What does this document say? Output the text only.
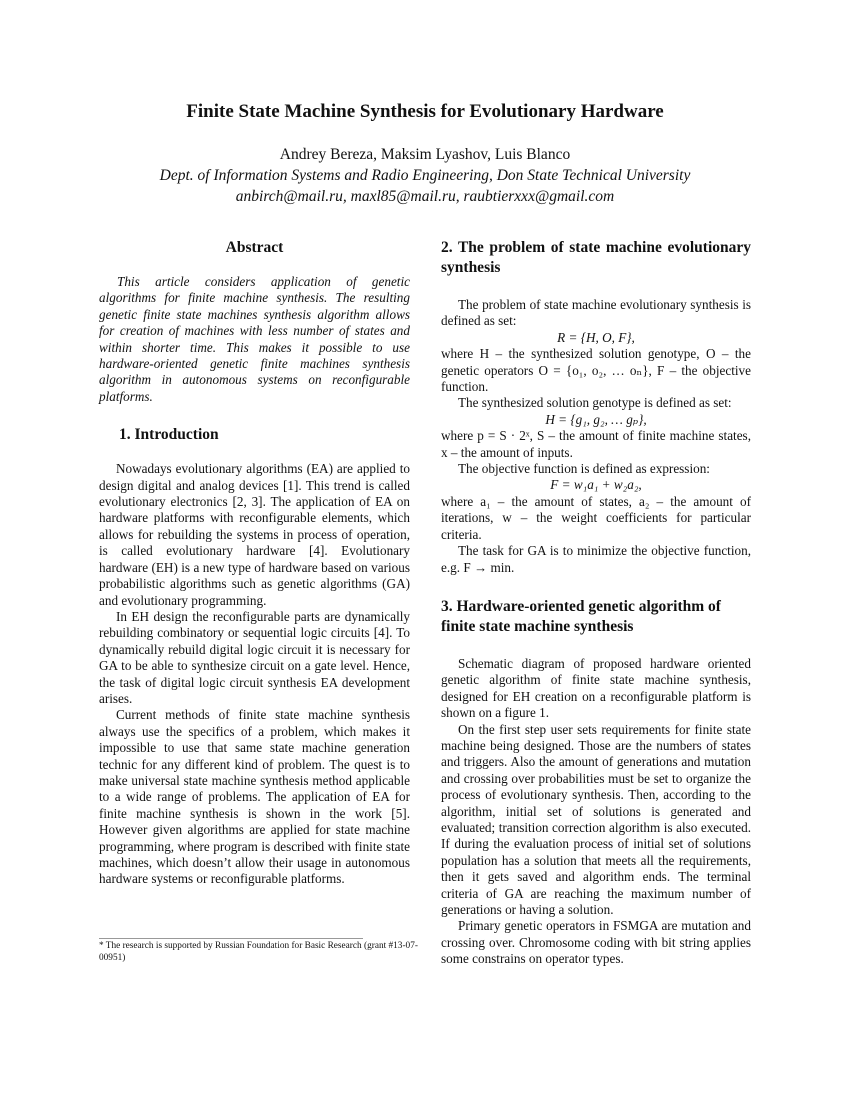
Finite State Machine Synthesis for Evolutionary Hardware
Andrey Bereza, Maksim Lyashov, Luis Blanco
Dept. of Information Systems and Radio Engineering, Don State Technical University
anbirch@mail.ru, maxl85@mail.ru, raubtierxxx@gmail.com
Abstract

This article considers application of genetic algorithms for finite machine synthesis. The resulting genetic finite state machines synthesis algorithm allows for creation of machines with less number of states and within shorter time. This makes it possible to use hardware-oriented genetic finite machines synthesis algorithm in autonomous systems on reconfigurable platforms.

1. Introduction

Nowadays evolutionary algorithms (EA) are applied to design digital and analog devices [1]. This trend is called evolutionary electronics [2, 3]. The application of EA on hardware platforms with reconfigurable elements, which allows for rebuilding the systems in process of operation, is called evolutionary hardware [4]. Evolutionary hardware (EH) is a new type of hardware based on various probabilistic algorithms such as genetic algorithms (GA) and evolutionary programming.

In EH design the reconfigurable parts are dynamically rebuilding combinatory or sequential logic circuits [4]. To dynamically rebuild digital logic circuit it is necessary for GA to be able to synthesize circuit on a gate level. Hence, the task of digital logic circuit synthesis EA development arises.

Current methods of finite state machine synthesis always use the specifics of a problem, which makes it impossible to use that same state machine generation technic for any different kind of problem. The quest is to make universal state machine synthesis method applicable to a wide range of problems. The application of EA for finite machine synthesis is shown in the work [5]. However given algorithms are applied for state machine programming, where program is described with finite state machines, which doesn’t allow their usage in autonomous hardware systems or reconfigurable platforms.

* The research is supported by Russian Foundation for Basic Research (grant #13-07-00951)
2. The problem of state machine evolutionary synthesis

The problem of state machine evolutionary synthesis is defined as set:

R = {H, O, F},

where H – the synthesized solution genotype, O – the genetic operators O = {o₁, o₂, … oₙ}, F – the objective function.

The synthesized solution genotype is defined as set:

H = {g₁, g₂, … gₚ},

where p = S · 2ˣ, S – the amount of finite machine states, x – the amount of inputs.

The objective function is defined as expression:

F = w₁a₁ + w₂a₂,

where a₁ – the amount of states, a₂ – the amount of iterations, w – the weight coefficients for particular criteria.

The task for GA is to minimize the objective function, e.g. F → min.

3. Hardware-oriented genetic algorithm of finite state machine synthesis

Schematic diagram of proposed hardware oriented genetic algorithm of finite state machine synthesis, designed for EH creation on a reconfigurable platform is shown on a figure 1.

On the first step user sets requirements for finite state machine being designed. Those are the numbers of states and triggers. Also the amount of generations and mutation and crossing over probabilities must be set to organize the process of evolutionary synthesis. Then, according to the algorithm, initial set of solutions is generated and evaluated; transition correction algorithm is also executed. If during the evaluation process of initial set of solutions population has a solution that meets all the requirements, then it gets saved and algorithm ends. The terminal criteria of GA are reaching the maximum number of generations or having a solution.

Primary genetic operators in FSMGA are mutation and crossing over. Chromosome coding with bit string applies some constrains on operator types.
